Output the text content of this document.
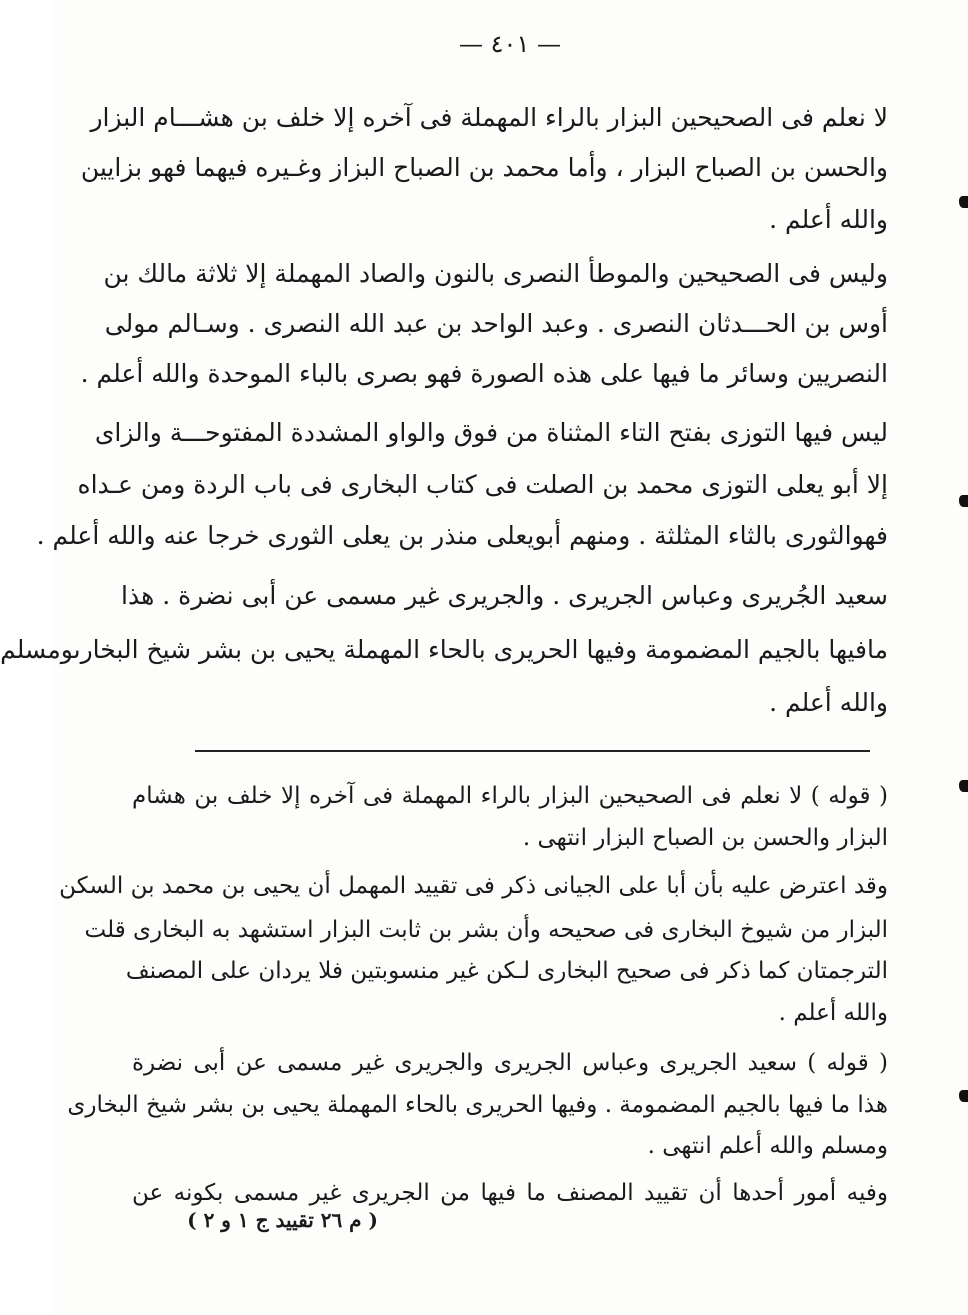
— ٤٠١ —
لا نعلم فى الصحيحين البزار بالراء المهملة فى آخره إلا خلف بن هشـــام البزار
والحسن بن الصباح البزار ، وأما محمد بن الصباح البزاز وغـيره فيهما فهو بزايين
والله أعلم .
وليس فى الصحيحين والموطأ النصرى بالنون والصاد المهملة إلا ثلاثة مالك بن
أوس بن الحـــدثان النصرى . وعبد الواحد بن عبد الله النصرى . وسـالم مولى
النصريين وسائر ما فيها على هذه الصورة فهو بصرى بالباء الموحدة والله أعلم .
ليس فيها التوزى بفتح التاء المثناة من فوق والواو المشددة المفتوحـــة والزاى
إلا أبو يعلى التوزى محمد بن الصلت فى كتاب البخارى فى باب الردة ومن عـداه
فهوالثورى بالثاء المثلثة . ومنهم أبويعلى منذر بن يعلى الثورى خرجا عنه والله أعلم .
سعيد الجُريرى وعباس الجريرى . والجريرى غير مسمى عن أبى نضرة . هذا
مافيها بالجيم المضمومة وفيها الحريرى بالحاء المهملة يحيى بن بشر شيخ البخارىومسلم
والله أعلم .
( قوله ) لا نعلم فى الصحيحين البزار بالراء المهملة فى آخره إلا خلف بن هشام
البزار والحسن بن الصباح البزار انتهى .
وقد اعترض عليه بأن أبا على الجيانى ذكر فى تقييد المهمل أن يحيى بن محمد بن السكن
البزار من شيوخ البخارى فى صحيحه وأن بشر بن ثابت البزار استشهد به البخارى قلت
الترجمتان كما ذكر فى صحيح البخارى لـكن غير منسوبتين فلا يردان على المصنف
والله أعلم .
( قوله ) سعيد الجريرى وعباس الجريرى والجريرى غير مسمى عن أبى نضرة
هذا ما فيها بالجيم المضمومة . وفيها الحريرى بالحاء المهملة يحيى بن بشر شيخ البخارى
ومسلم والله أعلم انتهى .
وفيه أمور أحدها أن تقييد المصنف ما فيها من الجريرى غير مسمى بكونه عن
( م ٢٦ تقييد ج ١ و ٢ )
